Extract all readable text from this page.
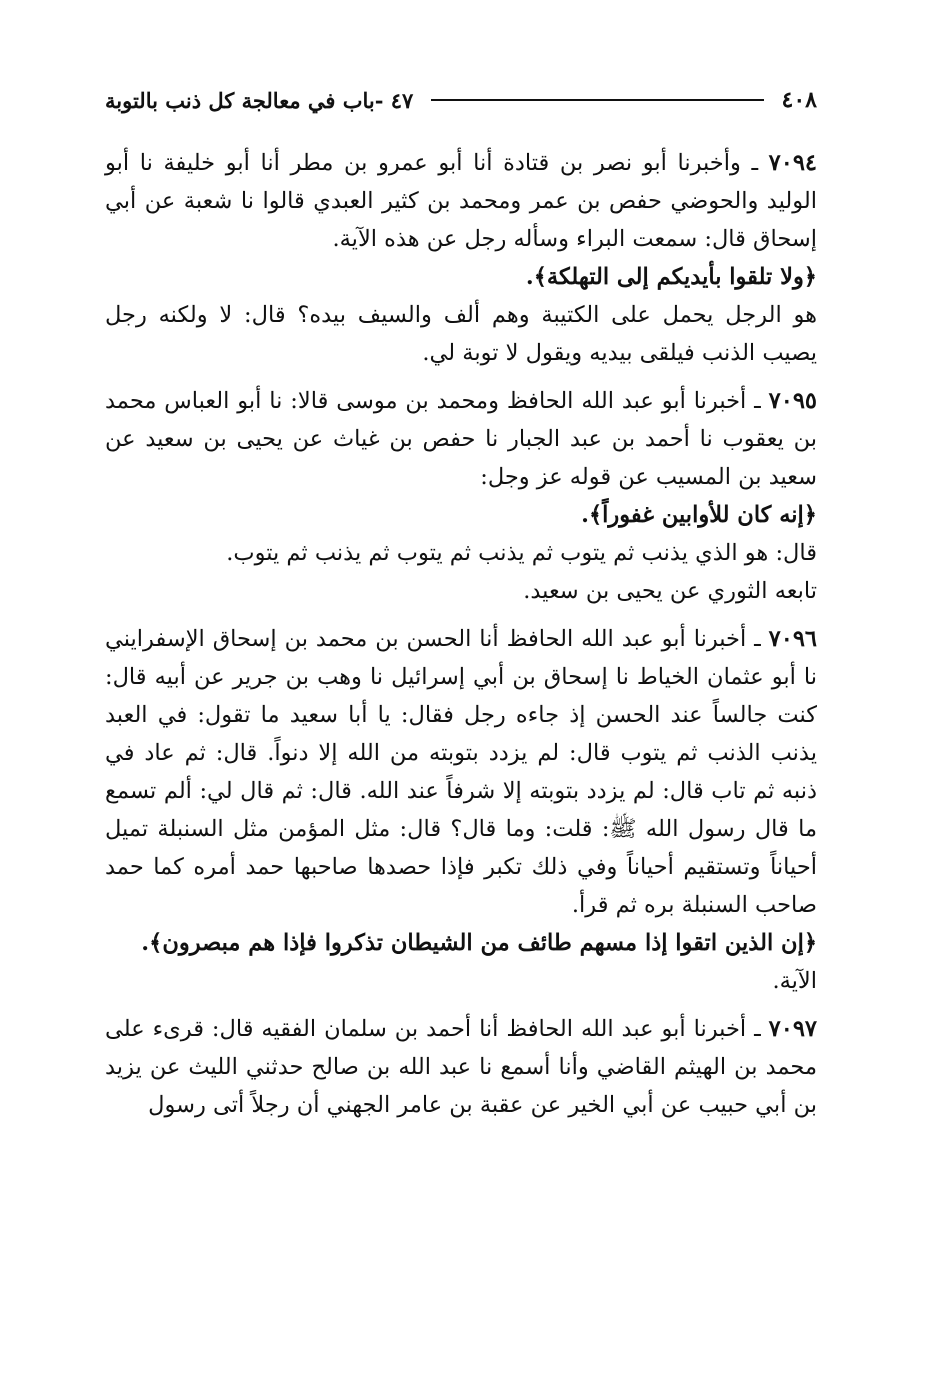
٤٠٨
٤٧ -باب في معالجة كل ذنب بالتوبة

٧٠٩٤ ـ وأخبرنا أبو نصر بن قتادة أنا أبو عمرو بن مطر أنا أبو خليفة نا أبو الوليد والحوضي حفص بن عمر ومحمد بن كثير العبدي قالوا نا شعبة عن أبي إسحاق قال: سمعت البراء وسأله رجل عن هذه الآية.

﴿ولا تلقوا بأيديكم إلى التهلكة﴾.

هو الرجل يحمل على الكتيبة وهم ألف والسيف بيده؟ قال: لا ولكنه رجل يصيب الذنب فيلقى بيديه ويقول لا توبة لي.

٧٠٩٥ ـ أخبرنا أبو عبد الله الحافظ ومحمد بن موسى قالا: نا أبو العباس محمد بن يعقوب نا أحمد بن عبد الجبار نا حفص بن غياث عن يحيى بن سعيد عن سعيد بن المسيب عن قوله عز وجل:

﴿إنه كان للأوابين غفوراً﴾.

قال: هو الذي يذنب ثم يتوب ثم يذنب ثم يتوب ثم يذنب ثم يتوب.

تابعه الثوري عن يحيى بن سعيد.

٧٠٩٦ ـ أخبرنا أبو عبد الله الحافظ أنا الحسن بن محمد بن إسحاق الإسفرايني نا أبو عثمان الخياط نا إسحاق بن أبي إسرائيل نا وهب بن جرير عن أبيه قال: كنت جالساً عند الحسن إذ جاءه رجل فقال: يا أبا سعيد ما تقول: في العبد يذنب الذنب ثم يتوب قال: لم يزدد بتوبته من الله إلا دنواً. قال: ثم عاد في ذنبه ثم تاب قال: لم يزدد بتوبته إلا شرفاً عند الله. قال: ثم قال لي: ألم تسمع ما قال رسول الله ﷺ: قلت: وما قال؟ قال: مثل المؤمن مثل السنبلة تميل أحياناً وتستقيم أحياناً وفي ذلك تكبر فإذا حصدها صاحبها حمد أمره كما حمد صاحب السنبلة بره ثم قرأ.

﴿إن الذين اتقوا إذا مسهم طائف من الشيطان تذكروا فإذا هم مبصرون﴾.

الآية.

٧٠٩٧ ـ أخبرنا أبو عبد الله الحافظ أنا أحمد بن سلمان الفقيه قال: قرىء على محمد بن الهيثم القاضي وأنا أسمع نا عبد الله بن صالح حدثني الليث عن يزيد بن أبي حبيب عن أبي الخير عن عقبة بن عامر الجهني أن رجلاً أتى رسول
